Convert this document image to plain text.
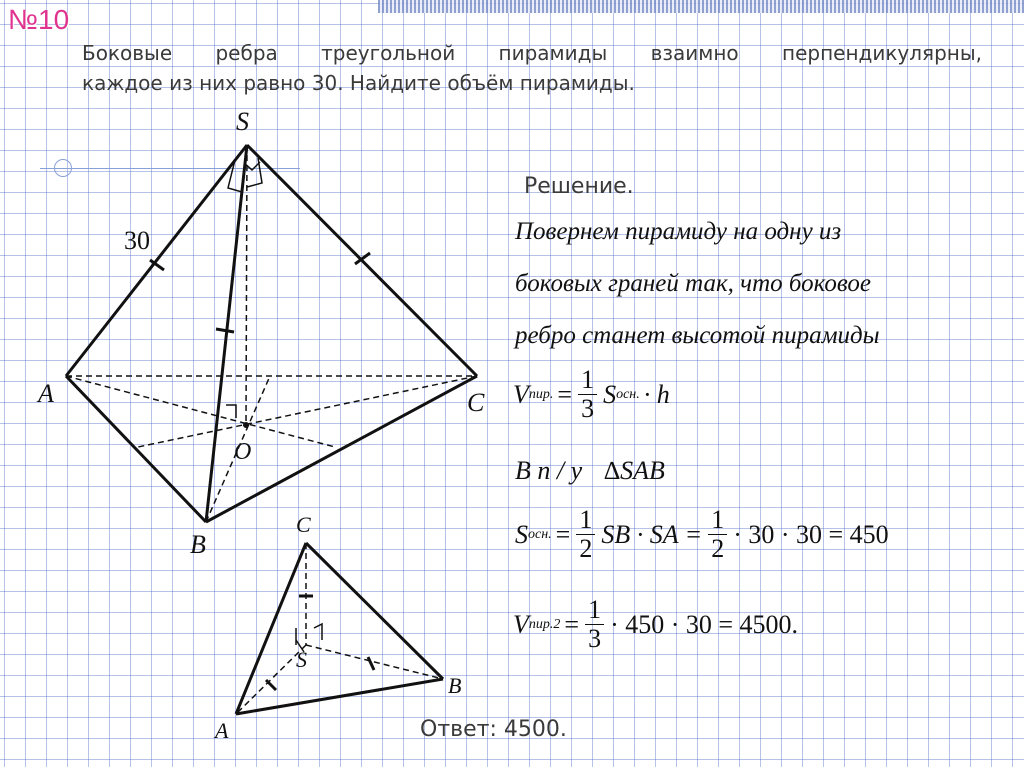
№10
Боковые ребра треугольной пирамиды взаимно перпендикулярны,
каждое из них равно 30. Найдите объём пирамиды.
S
A
B
C
O
30
C
S
B
A
Решение.
Повернем пирамиду на одну из
боковых граней так, что боковое
ребро станет высотой пирамиды
V пир. = $\frac{1}{3}$ S осн. · h
В п / у ∆SAB
S осн. = $\frac{1}{2}$ SB · SA = $\frac{1}{2} \cdot 30 \cdot 30 = 450$
V $пир.2 = \frac{1}{3} \cdot 450 \cdot 30 = 4500$.
Ответ: 4500.
